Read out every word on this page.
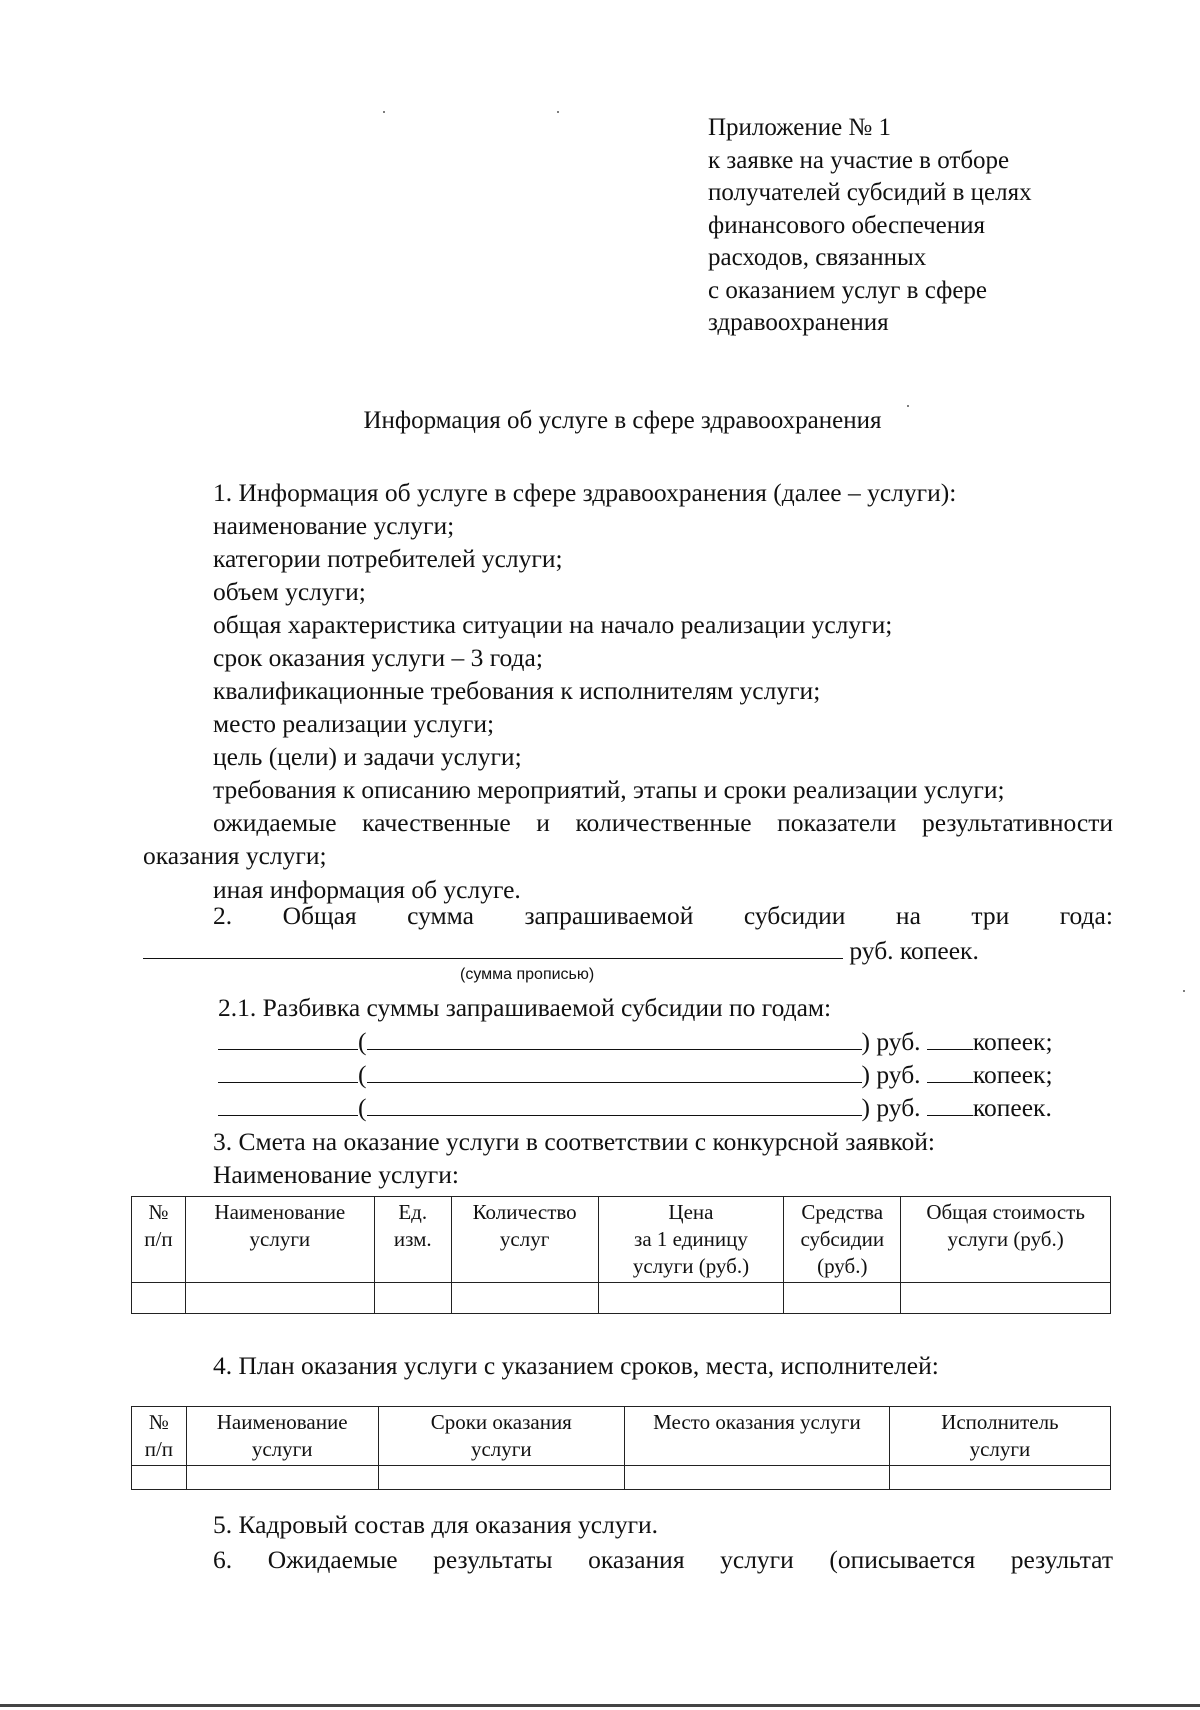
Приложение № 1
к заявке на участие в отборе
получателей субсидий в целях
финансового обеспечения
расходов, связанных
с оказанием услуг в сфере
здравоохранения
Информация об услуге в сфере здравоохранения
1. Информация об услуге в сфере здравоохранения (далее – услуги):
наименование услуги;
категории потребителей услуги;
объем услуги;
общая характеристика ситуации на начало реализации услуги;
срок оказания услуги – 3 года;
квалификационные требования к исполнителям услуги;
место реализации услуги;
цель (цели) и задачи услуги;
требования к описанию мероприятий, этапы и сроки реализации услуги;
ожидаемые качественные и количественные показатели результативности
оказания услуги;
иная информация об услуге.
2. Общая сумма запрашиваемой субсидии на три года:
руб. копеек.
(сумма прописью)
2.1. Разбивка суммы запрашиваемой субсидии по годам:
(	) руб. копеек;
(	) руб. копеек;
(	) руб. копеек.
3. Смета на оказание услуги в соответствии с конкурсной заявкой:
Наименование услуги:
№
п/п	Наименование
услуги	Ед.
изм.	Количество
услуг	Цена
за 1 единицу
услуги (руб.)	Средства
субсидии
(руб.)	Общая стоимость
услуги (руб.)

4. План оказания услуги с указанием сроков, места, исполнителей:
№
п/п	Наименование
услуги	Сроки оказания
услуги	Место оказания услуги	Исполнитель
услуги

5. Кадровый состав для оказания услуги.
6. Ожидаемые результаты оказания услуги (описывается результат
